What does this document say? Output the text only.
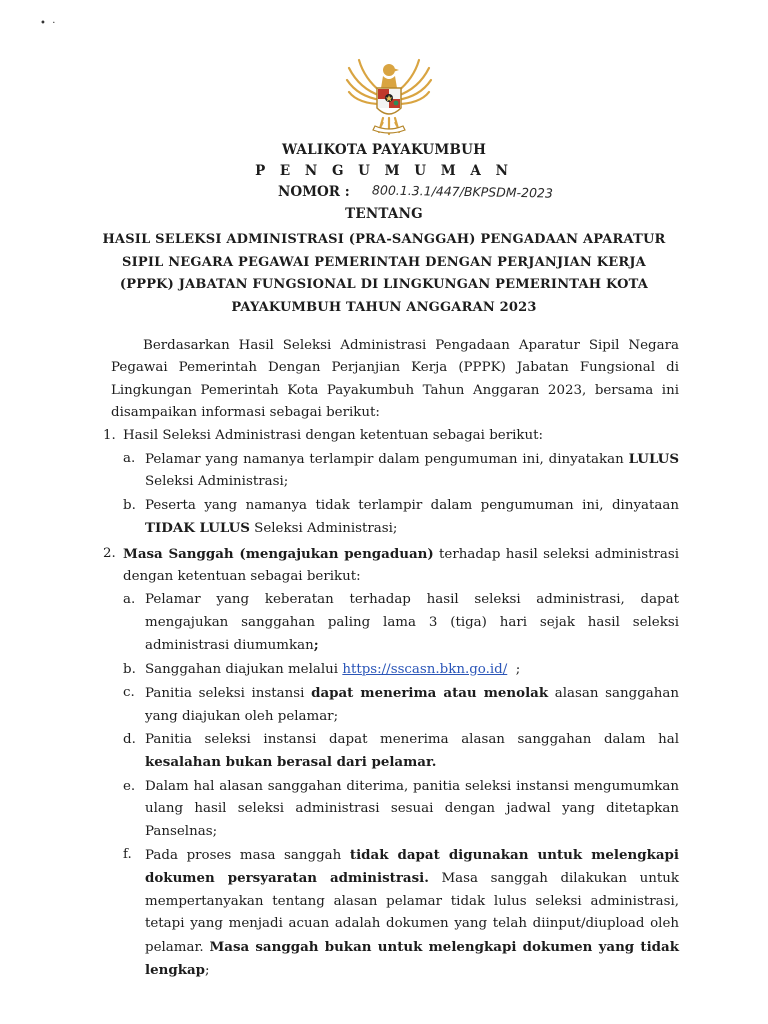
•  ·
WALIKOTA PAYAKUMBUH
P E N G U M U M A N
NOMOR : 800.1.3.1/447/BKPSDM-2023
TENTANG
HASIL SELEKSI ADMINISTRASI (PRA-SANGGAH) PENGADAAN APARATUR
SIPIL NEGARA PEGAWAI PEMERINTAH DENGAN PERJANJIAN KERJA
(PPPK) JABATAN FUNGSIONAL DI LINGKUNGAN PEMERINTAH KOTA
PAYAKUMBUH TAHUN ANGGARAN 2023

Berdasarkan Hasil Seleksi Administrasi Pengadaan Aparatur Sipil Negara Pegawai Pemerintah Dengan Perjanjian Kerja (PPPK) Jabatan Fungsional di Lingkungan Pemerintah Kota Payakumbuh Tahun Anggaran 2023, bersama ini disampaikan informasi sebagai berikut:

1. Hasil Seleksi Administrasi dengan ketentuan sebagai berikut:
a. Pelamar yang namanya terlampir dalam pengumuman ini, dinyatakan LULUS Seleksi Administrasi;
b. Peserta yang namanya tidak terlampir dalam pengumuman ini, dinyataan TIDAK LULUS Seleksi Administrasi;
2. Masa Sanggah (mengajukan pengaduan) terhadap hasil seleksi administrasi dengan ketentuan sebagai berikut:
a. Pelamar yang keberatan terhadap hasil seleksi administrasi, dapat mengajukan sanggahan paling lama 3 (tiga) hari sejak hasil seleksi administrasi diumumkan;
b. Sanggahan diajukan melalui https://sscasn.bkn.go.id/  ;
c. Panitia seleksi instansi dapat menerima atau menolak alasan sanggahan yang diajukan oleh pelamar;
d. Panitia seleksi instansi dapat menerima alasan sanggahan dalam hal kesalahan bukan berasal dari pelamar.
e. Dalam hal alasan sanggahan diterima, panitia seleksi instansi mengumumkan ulang hasil seleksi administrasi sesuai dengan jadwal yang ditetapkan Panselnas;
f. Pada proses masa sanggah tidak dapat digunakan untuk melengkapi dokumen persyaratan administrasi. Masa sanggah dilakukan untuk mempertanyakan tentang alasan pelamar tidak lulus seleksi administrasi, tetapi yang menjadi acuan adalah dokumen yang telah diinput/diupload oleh pelamar. Masa sanggah bukan untuk melengkapi dokumen yang tidak lengkap;
